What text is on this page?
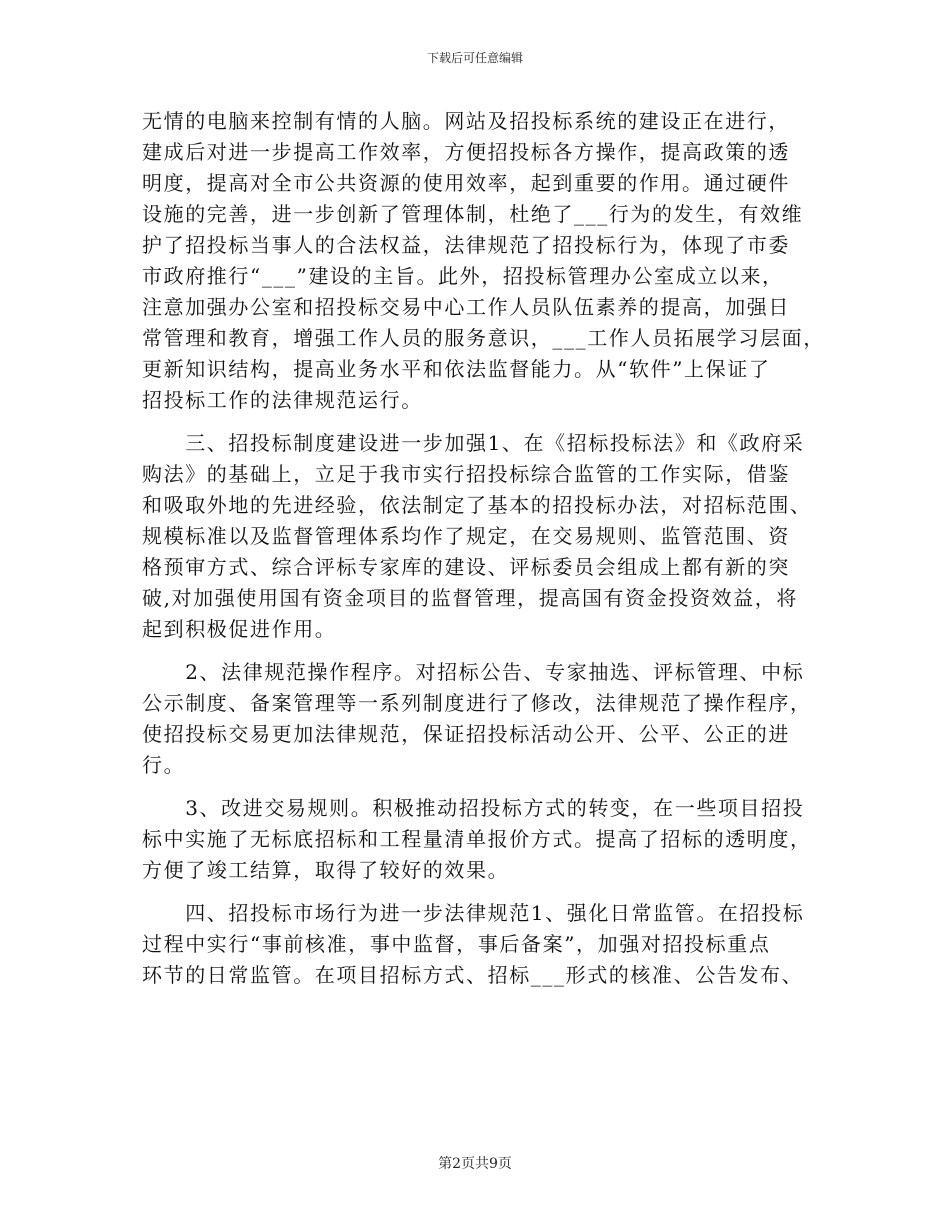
下载后可任意编辑
无情的电脑来控制有情的人脑。网站及招投标系统的建设正在进行，
建成后对进一步提高工作效率，方便招投标各方操作，提高政策的透
明度，提高对全市公共资源的使用效率，起到重要的作用。通过硬件
设施的完善，进一步创新了管理体制，杜绝了___行为的发生，有效维
护了招投标当事人的合法权益，法律规范了招投标行为，体现了市委
市政府推行“___”建设的主旨。此外，招投标管理办公室成立以来，
注意加强办公室和招投标交易中心工作人员队伍素养的提高，加强日
常管理和教育，增强工作人员的服务意识，___工作人员拓展学习层面，
更新知识结构，提高业务水平和依法监督能力。从“软件”上保证了
招投标工作的法律规范运行。
　　三、招投标制度建设进一步加强1、在《招标投标法》和《政府采
购法》的基础上，立足于我市实行招投标综合监管的工作实际，借鉴
和吸取外地的先进经验，依法制定了基本的招投标办法，对招标范围、
规模标准以及监督管理体系均作了规定，在交易规则、监管范围、资
格预审方式、综合评标专家库的建设、评标委员会组成上都有新的突
破,对加强使用国有资金项目的监督管理，提高国有资金投资效益，将
起到积极促进作用。
　　2、法律规范操作程序。对招标公告、专家抽选、评标管理、中标
公示制度、备案管理等一系列制度进行了修改，法律规范了操作程序，
使招投标交易更加法律规范，保证招投标活动公开、公平、公正的进
行。
　　3、改进交易规则。积极推动招投标方式的转变，在一些项目招投
标中实施了无标底招标和工程量清单报价方式。提高了招标的透明度，
方便了竣工结算，取得了较好的效果。
　　四、招投标市场行为进一步法律规范1、强化日常监管。在招投标
过程中实行“事前核准，事中监督，事后备案”，加强对招投标重点
环节的日常监管。在项目招标方式、招标___形式的核准、公告发布、
第2页共9页
